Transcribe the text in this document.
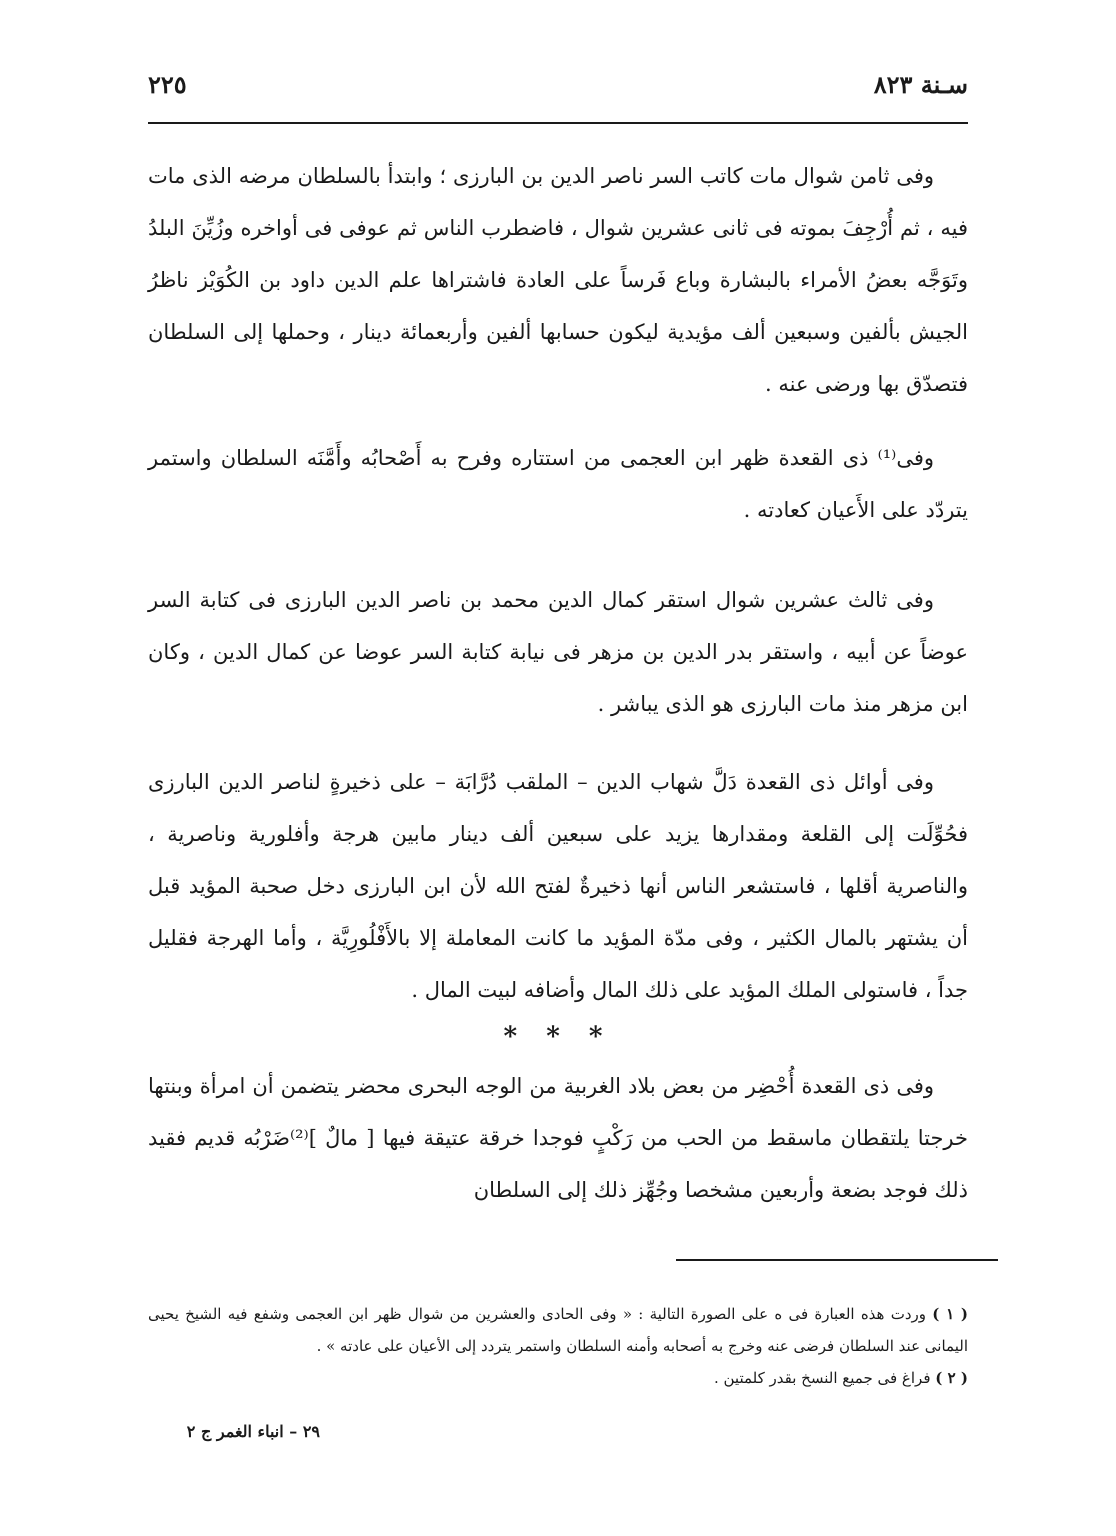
٢٢٥	سـنة ٨٢٣

وفى ثامن شوال مات كاتب السر ناصر الدين بن البارزى ؛ وابتدأ بالسلطان مرضه الذى مات فيه ، ثم أُرْجِفَ بموته فى ثانى عشرين شوال ، فاضطرب الناس ثم عوفى فى أواخره وزُيِّنَ البلدُ وتَوَجَّه بعضُ الأمراء بالبشارة وباع فَرساً على العادة فاشتراها علم الدين داود بن الكُوَيْز ناظرُ الجيش بألفين وسبعين ألف مؤيدية ليكون حسابها ألفين وأربعمائة دينار ، وحملها إلى السلطان فتصدّق بها ورضى عنه .

وفى⁽¹⁾ ذى القعدة ظهر ابن العجمى من استتاره وفرح به أَصْحابُه وأَمَّنَه السلطان واستمر يتردّد على الأَعيان كعادته .

وفى ثالث عشرين شوال استقر كمال الدين محمد بن ناصر الدين البارزى فى كتابة السر عوضاً عن أبيه ، واستقر بدر الدين بن مزهر فى نيابة كتابة السر عوضا عن كمال الدين ، وكان ابن مزهر منذ مات البارزى هو الذى يباشر .

وفى أوائل ذى القعدة دَلَّ شهاب الدين – الملقب دُرَّابَة – على ذخيرةٍ لناصر الدين البارزى فحُوِّلَت إلى القلعة ومقدارها يزيد على سبعين ألف دينار مابين هرجة وأفلورية وناصرية ، والناصرية أقلها ، فاستشعر الناس أنها ذخيرةٌ لفتح الله لأن ابن البارزى دخل صحبة المؤيد قبل أن يشتهر بالمال الكثير ، وفى مدّة المؤيد ما كانت المعاملة إلا بالأَفْلُورِيَّة ، وأما الهرجة فقليل جداً ، فاستولى الملك المؤيد على ذلك المال وأضافه لبيت المال .

* * *

وفى ذى القعدة أُحْضِر من بعض بلاد الغربية من الوجه البحرى محضر يتضمن أن امرأة وبنتها خرجتا يلتقطان ماسقط من الحب من رَكْبٍ فوجدا خرقة عتيقة فيها [ مالٌ ]⁽²⁾ضَرْبُه قديم فقيد ذلك فوجد بضعة وأربعين مشخصا وجُهِّز ذلك إلى السلطان

( ١ ) وردت هذه العبارة فى ه على الصورة التالية : « وفى الحادى والعشرين من شوال ظهر ابن العجمى وشفع فيه الشيخ يحيى اليمانى عند السلطان فرضى عنه وخرج به أصحابه وأمنه السلطان واستمر يتردد إلى الأعيان على عادته » .

( ٢ ) فراغ فى جميع النسخ بقدر كلمتين .

٢٩ – انباء الغمر ج ٢
